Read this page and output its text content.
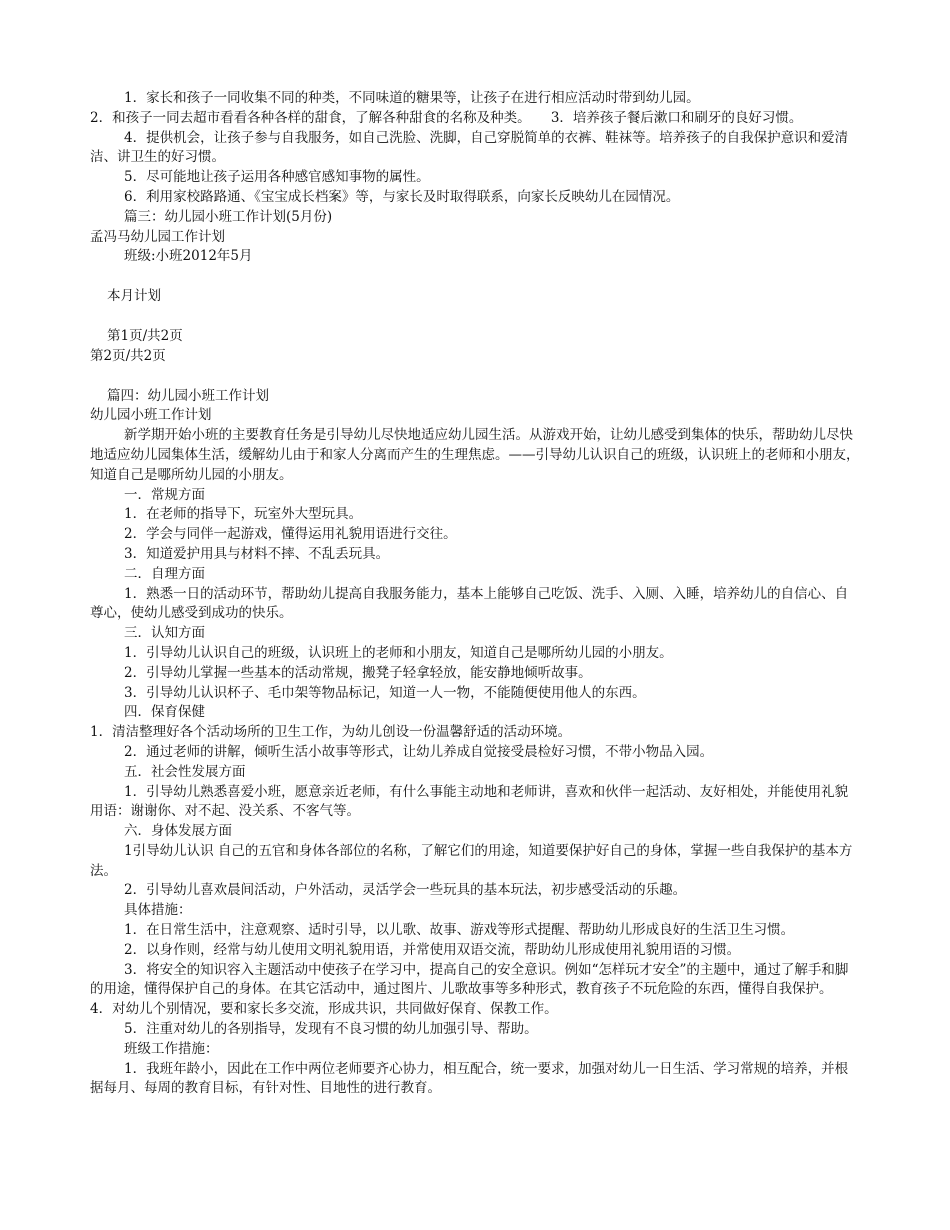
1．家长和孩子一同收集不同的种类，不同味道的糖果等，让孩子在进行相应活动时带到幼儿园。

2．和孩子一同去超市看看各种各样的甜食，了解各种甜食的名称及种类。　　3．培养孩子餐后漱口和刷牙的良好习惯。

4．提供机会，让孩子参与自我服务，如自己洗脸、洗脚，自己穿脱简单的衣裤、鞋袜等。培养孩子的自我保护意识和爱清洁、讲卫生的好习惯。

5．尽可能地让孩子运用各种感官感知事物的属性。

6．利用家校路路通、《宝宝成长档案》等，与家长及时取得联系，向家长反映幼儿在园情况。

篇三：幼儿园小班工作计划(5月份)

孟冯马幼儿园工作计划

班级:小班2012年5月

本月计划

第1页/共2页

第2页/共2页

篇四：幼儿园小班工作计划

幼儿园小班工作计划

新学期开始小班的主要教育任务是引导幼儿尽快地适应幼儿园生活。从游戏开始，让幼儿感受到集体的快乐，帮助幼儿尽快地适应幼儿园集体生活，缓解幼儿由于和家人分离而产生的生理焦虑。——引导幼儿认识自己的班级，认识班上的老师和小朋友，知道自己是哪所幼儿园的小朋友。

一．常规方面

1．在老师的指导下，玩室外大型玩具。

2．学会与同伴一起游戏，懂得运用礼貌用语进行交往。

3．知道爱护用具与材料不摔、不乱丢玩具。

二．自理方面

1．熟悉一日的活动环节，帮助幼儿提高自我服务能力，基本上能够自己吃饭、洗手、入厕、入睡，培养幼儿的自信心、自尊心，使幼儿感受到成功的快乐。

三．认知方面

1．引导幼儿认识自己的班级，认识班上的老师和小朋友，知道自己是哪所幼儿园的小朋友。

2．引导幼儿掌握一些基本的活动常规，搬凳子轻拿轻放，能安静地倾听故事。

3．引导幼儿认识杯子、毛巾架等物品标记，知道一人一物，不能随便使用他人的东西。

四．保育保健

1．清洁整理好各个活动场所的卫生工作，为幼儿创设一份温馨舒适的活动环境。

2．通过老师的讲解，倾听生活小故事等形式，让幼儿养成自觉接受晨检好习惯，不带小物品入园。

五．社会性发展方面

1．引导幼儿熟悉喜爱小班，愿意亲近老师，有什么事能主动地和老师讲，喜欢和伙伴一起活动、友好相处，并能使用礼貌用语：谢谢你、对不起、没关系、不客气等。

六．身体发展方面

1引导幼儿认识 自己的五官和身体各部位的名称，了解它们的用途，知道要保护好自己的身体，掌握一些自我保护的基本方法。

2．引导幼儿喜欢晨间活动，户外活动，灵活学会一些玩具的基本玩法，初步感受活动的乐趣。

具体措施：

1．在日常生活中，注意观察、适时引导，以儿歌、故事、游戏等形式提醒、帮助幼儿形成良好的生活卫生习惯。

2．以身作则，经常与幼儿使用文明礼貌用语，并常使用双语交流，帮助幼儿形成使用礼貌用语的习惯。

3．将安全的知识容入主题活动中使孩子在学习中，提高自己的安全意识。例如“怎样玩才安全”的主题中，通过了解手和脚的用途，懂得保护自己的身体。在其它活动中，通过图片、儿歌故事等多种形式，教育孩子不玩危险的东西，懂得自我保护。

4．对幼儿个别情况，要和家长多交流，形成共识，共同做好保育、保教工作。

5．注重对幼儿的各别指导，发现有不良习惯的幼儿加强引导、帮助。

班级工作措施：

1．我班年龄小，因此在工作中两位老师要齐心协力，相互配合，统一要求，加强对幼儿一日生活、学习常规的培养，并根据每月、每周的教育目标，有针对性、目地性的进行教育。
